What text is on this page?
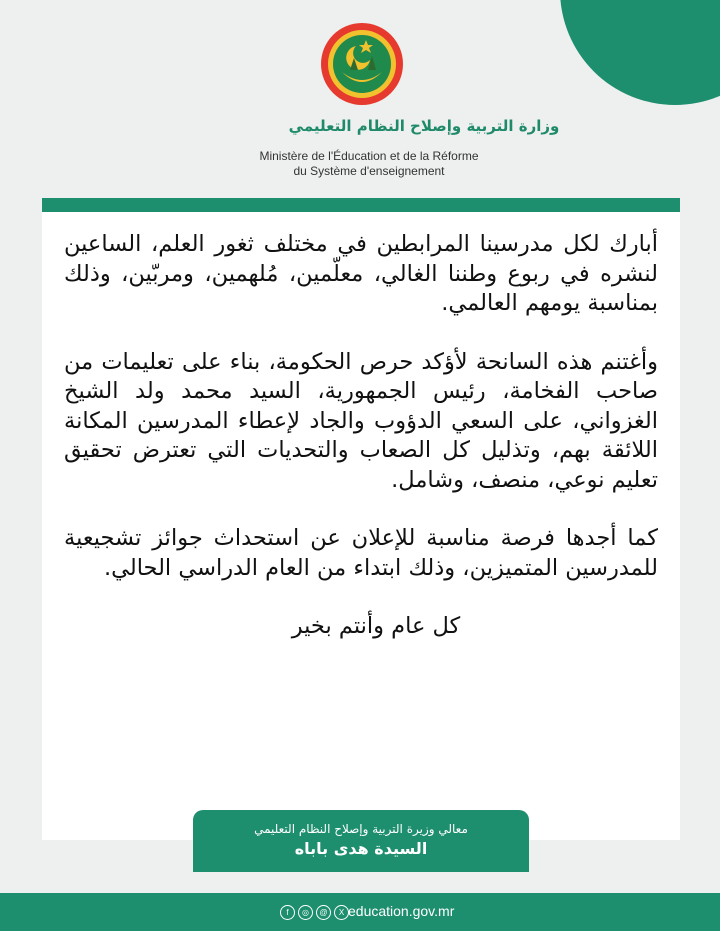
وزارة التربية وإصلاح النظام التعليمي
Ministère de l'Éducation et de la Réforme
du Système d'enseignement

أبارك لكل مدرسينا المرابطين في مختلف ثغور العلم، الساعين لنشره في ربوع وطننا الغالي، معلّمين، مُلهمين، ومربّين، وذلك بمناسبة يومهم العالمي.

وأغتنم هذه السانحة لأؤكد حرص الحكومة، بناء على تعليمات من صاحب الفخامة، رئيس الجمهورية، السيد محمد ولد الشيخ الغزواني، على السعي الدؤوب والجاد لإعطاء المدرسين المكانة اللائقة بهم، وتذليل كل الصعاب والتحديات التي تعترض تحقيق تعليم نوعي، منصف، وشامل.

كما أجدها فرصة مناسبة للإعلان عن استحداث جوائز تشجيعية للمدرسين المتميزين، وذلك ابتداء من العام الدراسي الحالي.

كل عام وأنتم بخير

معالي وزيرة التربية وإصلاح النظام التعليمي
السيدة هدى باباه
f	◎	@	X education.gov.mr
